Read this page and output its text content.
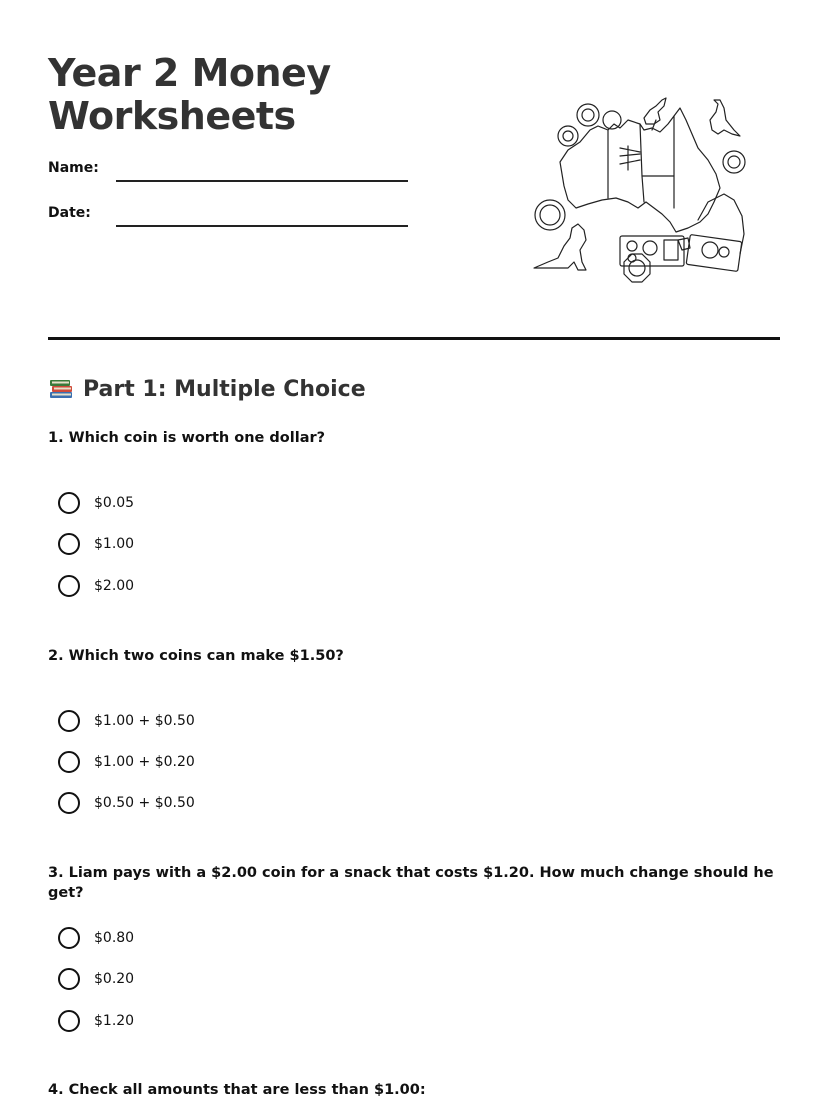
Year 2 Money Worksheets
Name:
Date:
Part 1: Multiple Choice

1. Which coin is worth one dollar?

$0.05
$1.00
$2.00

2. Which two coins can make $1.50?

$1.00 + $0.50
$1.00 + $0.20
$0.50 + $0.50

3. Liam pays with a $2.00 coin for a snack that costs $1.20. How much change should he get?

$0.80
$0.20
$1.20

4. Check all amounts that are less than $1.00:
